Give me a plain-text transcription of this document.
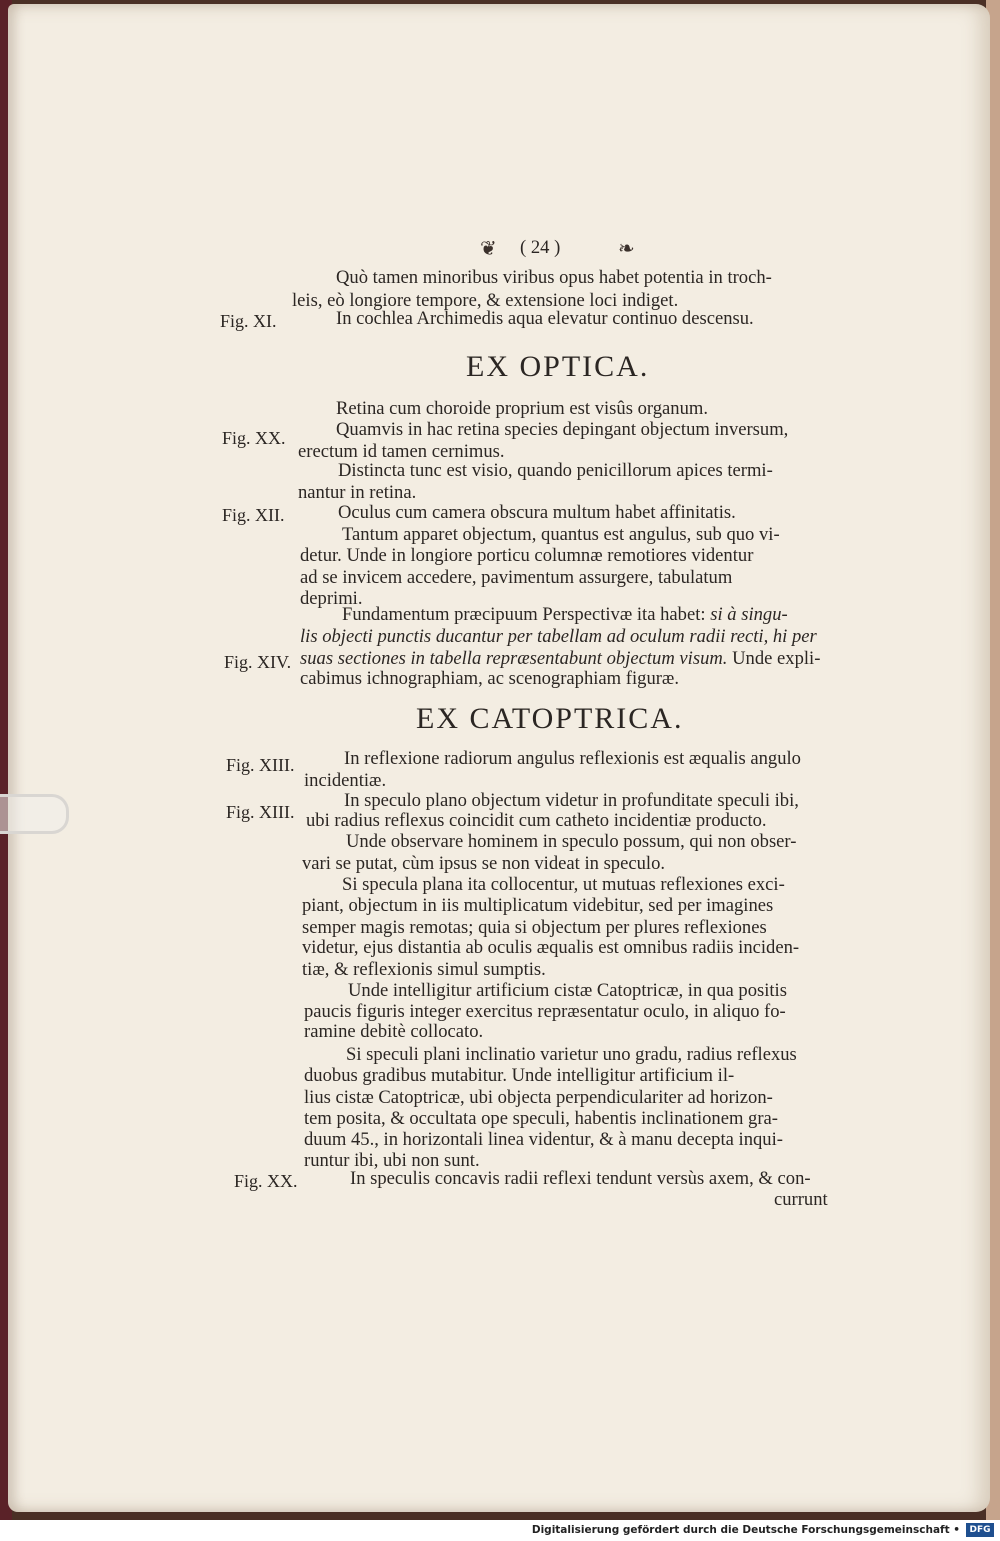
❦ ( 24 )	❧
Quò tamen minoribus viribus opus habet potentia in troch-
leis, eò longiore tempore, & extensione loci indiget.
In cochlea Archimedis aqua elevatur continuo descensu.
EX OPTICA.
Retina cum choroide proprium est visûs organum.
Quamvis in hac retina species depingant objectum inversum,
erectum id tamen cernimus.
Distincta tunc est visio, quando penicillorum apices termi-
nantur in retina.
Oculus cum camera obscura multum habet affinitatis.
Tantum apparet objectum, quantus est angulus, sub quo vi-
detur. Unde in longiore porticu columnæ remotiores videntur
ad se invicem accedere, pavimentum assurgere, tabulatum
deprimi.
Fundamentum præcipuum Perspectivæ ita habet: si à singu-
lis objecti punctis ducantur per tabellam ad oculum radii recti, hi per
suas sectiones in tabella repræsentabunt objectum visum. Unde expli-
cabimus ichnographiam, ac scenographiam figuræ.
EX CATOPTRICA.
In reflexione radiorum angulus reflexionis est æqualis angulo
incidentiæ.
In speculo plano objectum videtur in profunditate speculi ibi,
ubi radius reflexus coincidit cum catheto incidentiæ producto.
Unde observare hominem in speculo possum, qui non obser-
vari se putat, cùm ipsus se non videat in speculo.
Si specula plana ita collocentur, ut mutuas reflexiones exci-
piant, objectum in iis multiplicatum videbitur, sed per imagines
semper magis remotas; quia si objectum per plures reflexiones
videtur, ejus distantia ab oculis æqualis est omnibus radiis inciden-
tiæ, & reflexionis simul sumptis.
Unde intelligitur artificium cistæ Catoptricæ, in qua positis
paucis figuris integer exercitus repræsentatur oculo, in aliquo fo-
ramine debitè collocato.
Si speculi plani inclinatio varietur uno gradu, radius reflexus
duobus gradibus mutabitur. Unde intelligitur artificium il-
lius cistæ Catoptricæ, ubi objecta perpendiculariter ad horizon-
tem posita, & occultata ope speculi, habentis inclinationem gra-
duum 45., in horizontali linea videntur, & à manu decepta inqui-
runtur ibi, ubi non sunt.
In speculis concavis radii reflexi tendunt versùs axem, & con-
currunt
Fig. XI.
Fig. XX.
Fig. XII.
Fig. XIV.
Fig. XIII.
Fig. XIII.
Fig. XX.
Digitalisierung gefördert durch die Deutsche Forschungsgemeinschaft •	DFG
